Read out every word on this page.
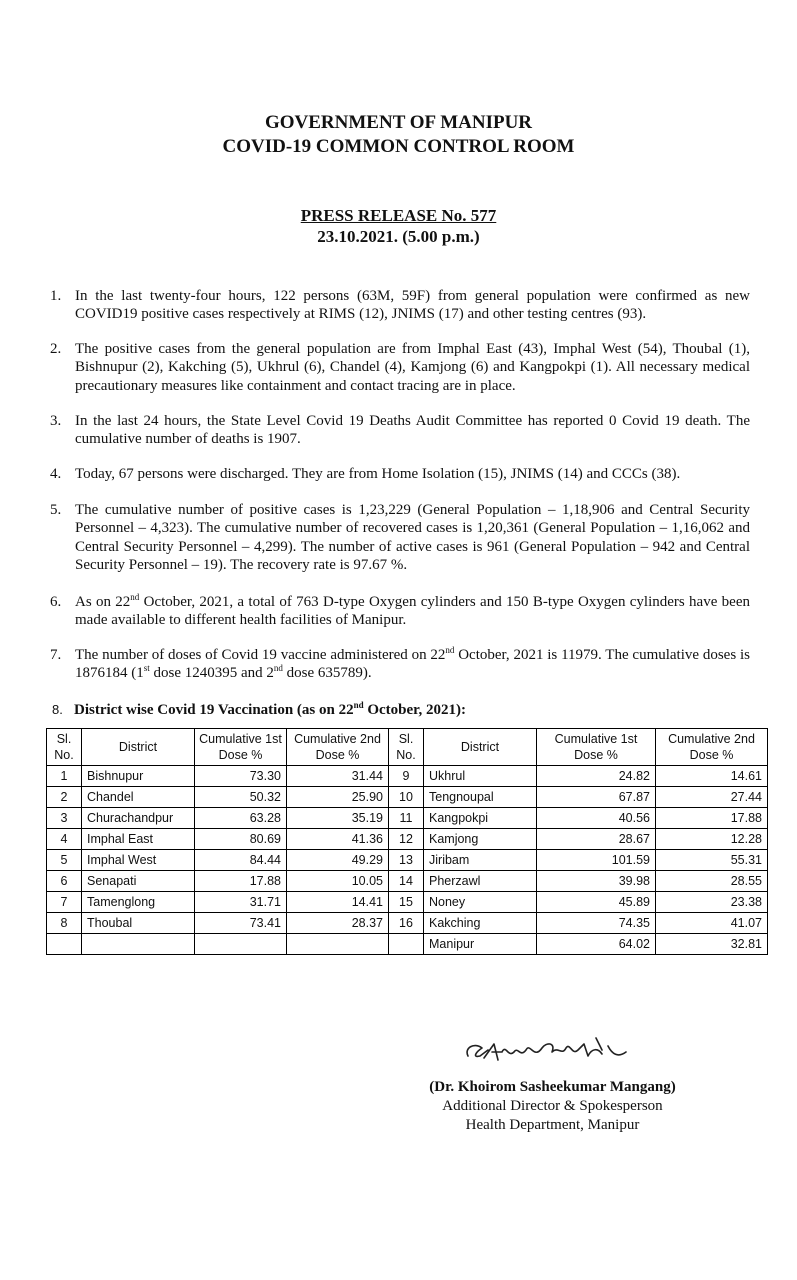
GOVERNMENT OF MANIPUR
COVID-19 COMMON CONTROL ROOM
PRESS RELEASE No. 577
23.10.2021. (5.00 p.m.)
1. In the last twenty-four hours, 122 persons (63M, 59F) from general population were confirmed as new COVID19 positive cases respectively at RIMS (12), JNIMS (17) and other testing centres (93).
2. The positive cases from the general population are from Imphal East (43), Imphal West (54), Thoubal (1), Bishnupur (2), Kakching (5), Ukhrul (6), Chandel (4), Kamjong (6) and Kangpokpi (1). All necessary medical precautionary measures like containment and contact tracing are in place.
3. In the last 24 hours, the State Level Covid 19 Deaths Audit Committee has reported 0 Covid 19 death. The cumulative number of deaths is 1907.
4. Today, 67 persons were discharged. They are from Home Isolation (15), JNIMS (14) and CCCs (38).
5. The cumulative number of positive cases is 1,23,229 (General Population – 1,18,906 and Central Security Personnel – 4,323). The cumulative number of recovered cases is 1,20,361 (General Population – 1,16,062 and Central Security Personnel – 4,299). The number of active cases is 961 (General Population – 942 and Central Security Personnel – 19). The recovery rate is 97.67 %.
6. As on 22nd October, 2021, a total of 763 D-type Oxygen cylinders and 150 B-type Oxygen cylinders have been made available to different health facilities of Manipur.
7. The number of doses of Covid 19 vaccine administered on 22nd October, 2021 is 11979. The cumulative doses is 1876184 (1st dose 1240395 and 2nd dose 635789).
8. District wise Covid 19 Vaccination (as on 22nd October, 2021):
Sl. No.	District	Cumulative 1st Dose %	Cumulative 2nd Dose %	Sl. No.	District	Cumulative 1st Dose %	Cumulative 2nd Dose %
1	Bishnupur	73.30	31.44	9	Ukhrul	24.82	14.61
2	Chandel	50.32	25.90	10	Tengnoupal	67.87	27.44
3	Churachandpur	63.28	35.19	11	Kangpokpi	40.56	17.88
4	Imphal East	80.69	41.36	12	Kamjong	28.67	12.28
5	Imphal West	84.44	49.29	13	Jiribam	101.59	55.31
6	Senapati	17.88	10.05	14	Pherzawl	39.98	28.55
7	Tamenglong	31.71	14.41	15	Noney	45.89	23.38
8	Thoubal	73.41	28.37	16	Kakching	74.35	41.07
					Manipur	64.02	32.81
(Dr. Khoirom Sasheekumar Mangang)
Additional Director & Spokesperson
Health Department, Manipur
